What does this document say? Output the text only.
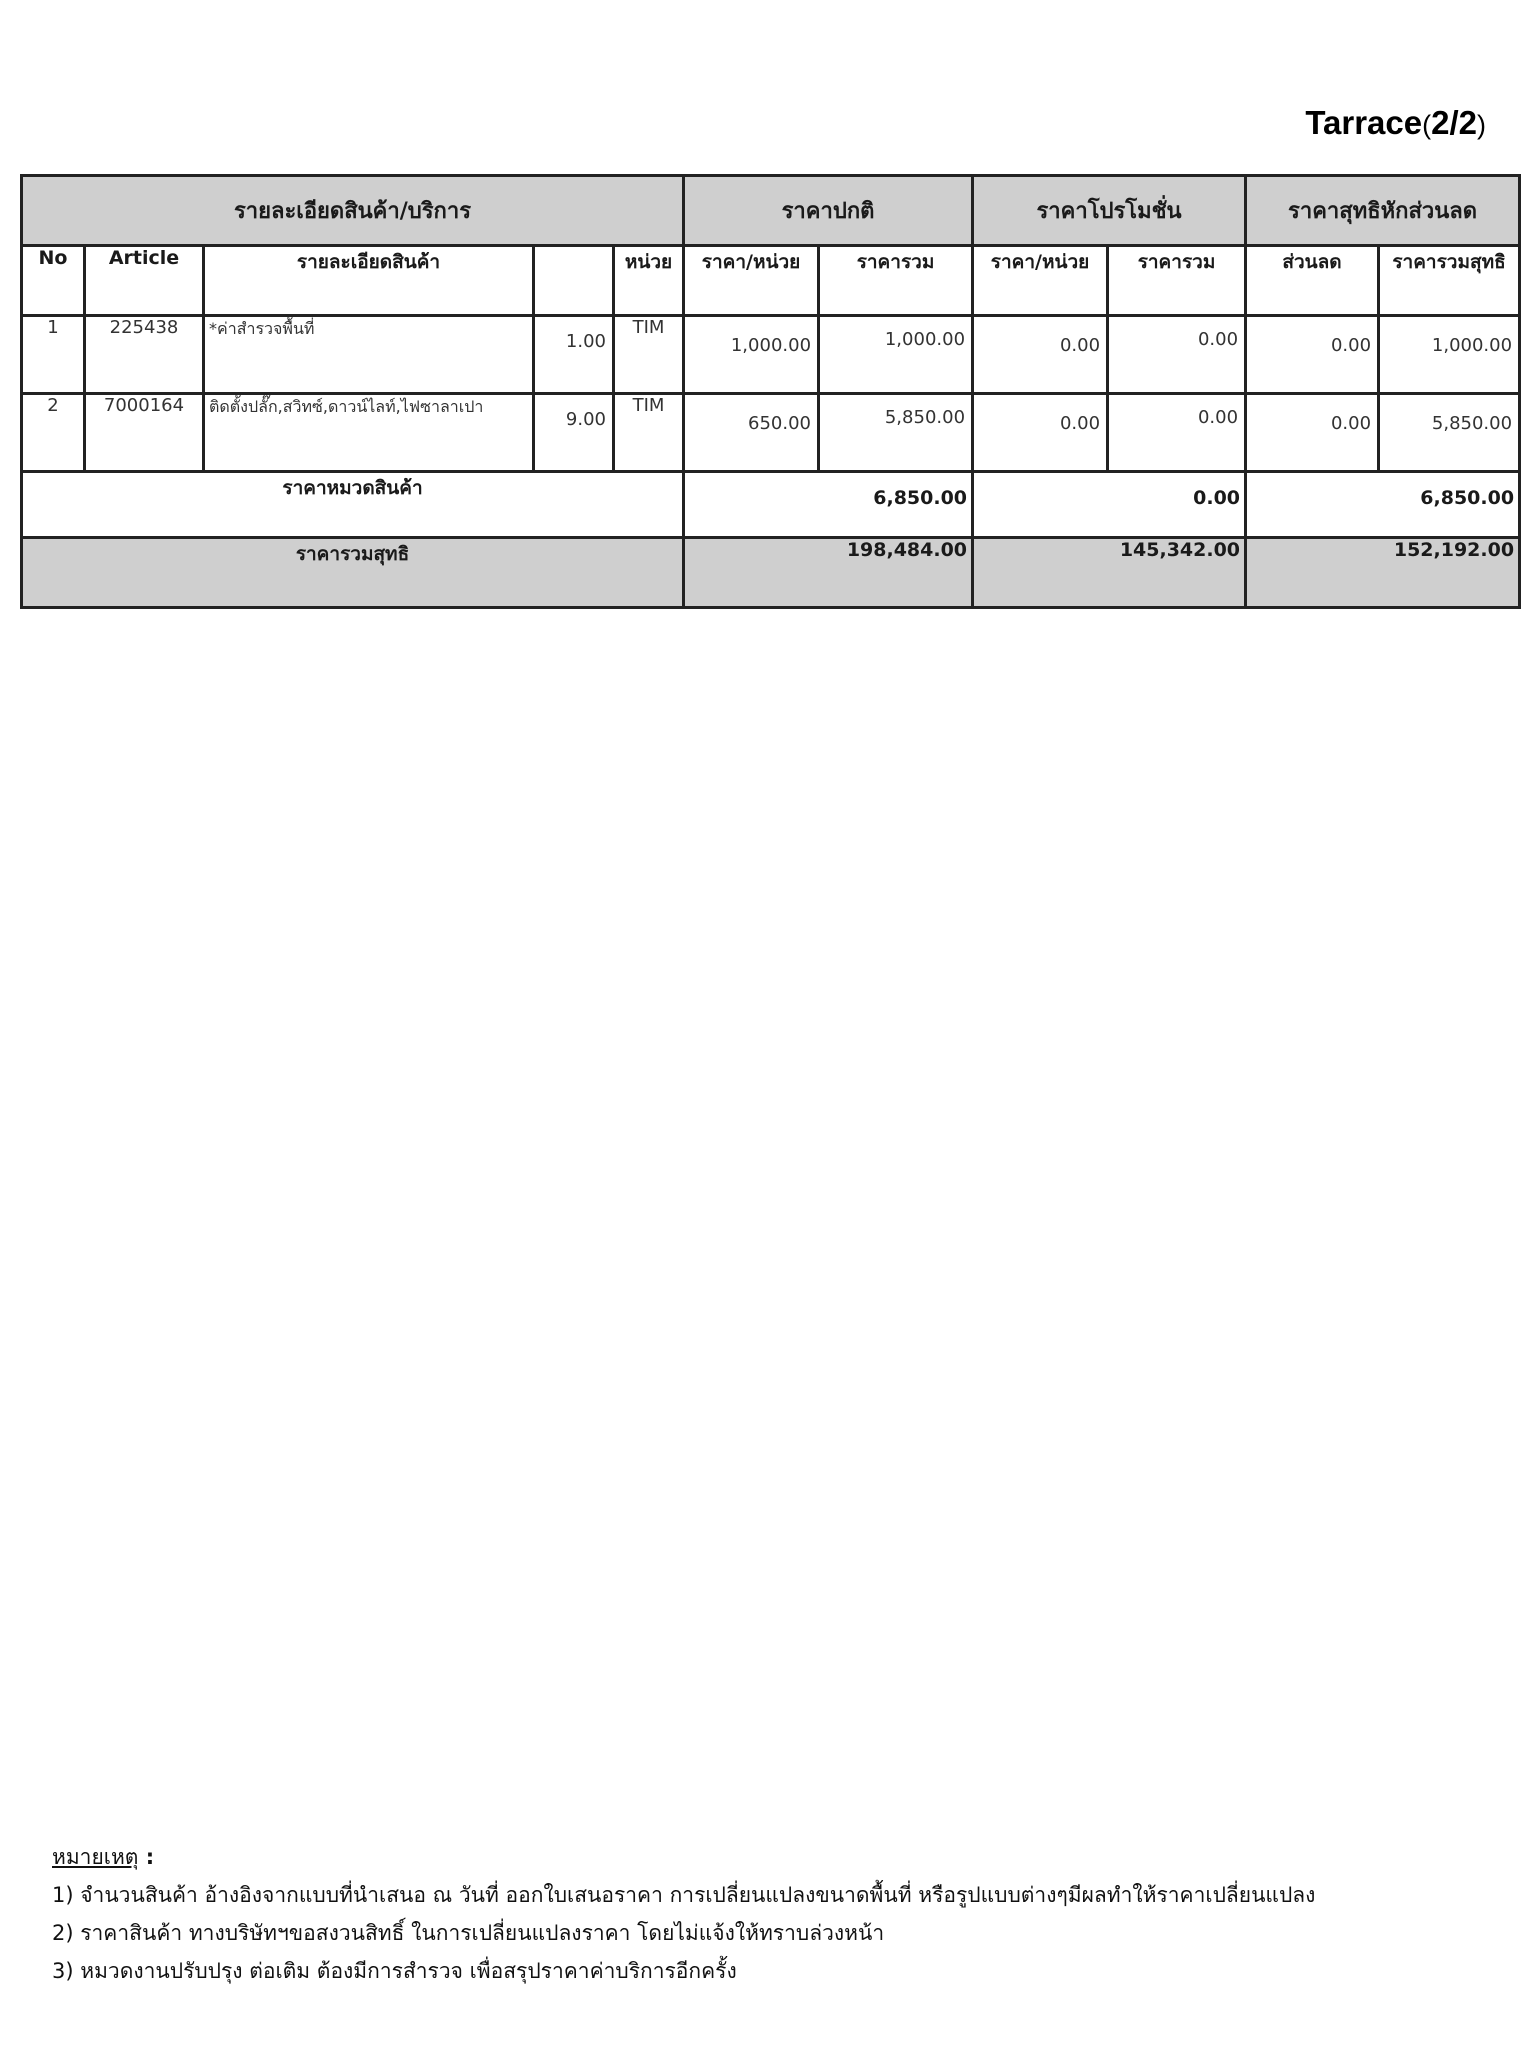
Tarrace(2/2)
รายละเอียดสินค้า/บริการ					ราคาปกติ		ราคาโปรโมชั่น		ราคาสุทธิหักส่วนลด	
No	Article	รายละเอียดสินค้า		หน่วย	ราคา/หน่วย	ราคารวม	ราคา/หน่วย	ราคารวม	ส่วนลด	ราคารวมสุทธิ
1	225438	*ค่าสำรวจพื้นที่	1.00	TIM	1,000.00	1,000.00	0.00	0.00	0.00	1,000.00
2	7000164	ติดตั้งปลั๊ก,สวิทซ์,ดาวน์ไลท์,ไฟซาลาเปา	9.00	TIM	650.00	5,850.00	0.00	0.00	0.00	5,850.00
ราคาหมวดสินค้า					6,850.00		0.00		6,850.00	
ราคารวมสุทธิ					198,484.00		145,342.00		152,192.00	
หมายเหตุ :
1) จำนวนสินค้า อ้างอิงจากแบบที่นำเสนอ ณ วันที่ ออกใบเสนอราคา การเปลี่ยนแปลงขนาดพื้นที่ หรือรูปแบบต่างๆมีผลทำให้ราคาเปลี่ยนแปลง
2) ราคาสินค้า ทางบริษัทฯขอสงวนสิทธิ์ ในการเปลี่ยนแปลงราคา โดยไม่แจ้งให้ทราบล่วงหน้า
3) หมวดงานปรับปรุง ต่อเติม ต้องมีการสำรวจ เพื่อสรุปราคาค่าบริการอีกครั้ง
